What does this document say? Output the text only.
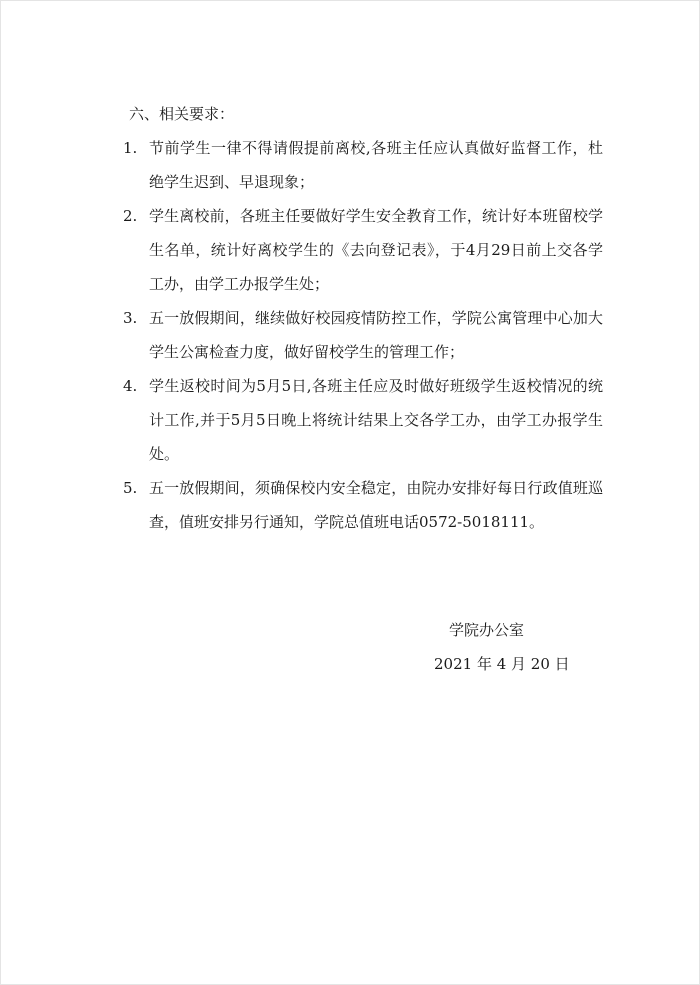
六、相关要求：

1. 节前学生一律不得请假提前离校,各班主任应认真做好监督工作，杜绝学生迟到、早退现象；
2. 学生离校前，各班主任要做好学生安全教育工作，统计好本班留校学生名单，统计好离校学生的《去向登记表》，于4月29日前上交各学工办，由学工办报学生处；
3. 五一放假期间，继续做好校园疫情防控工作，学院公寓管理中心加大学生公寓检查力度，做好留校学生的管理工作；
4. 学生返校时间为5月5日,各班主任应及时做好班级学生返校情况的统计工作,并于5月5日晚上将统计结果上交各学工办，由学工办报学生处。
5. 五一放假期间，须确保校内安全稳定，由院办安排好每日行政值班巡查，值班安排另行通知，学院总值班电话0572-5018111。
学院办公室
2021 年 4 月 20 日
